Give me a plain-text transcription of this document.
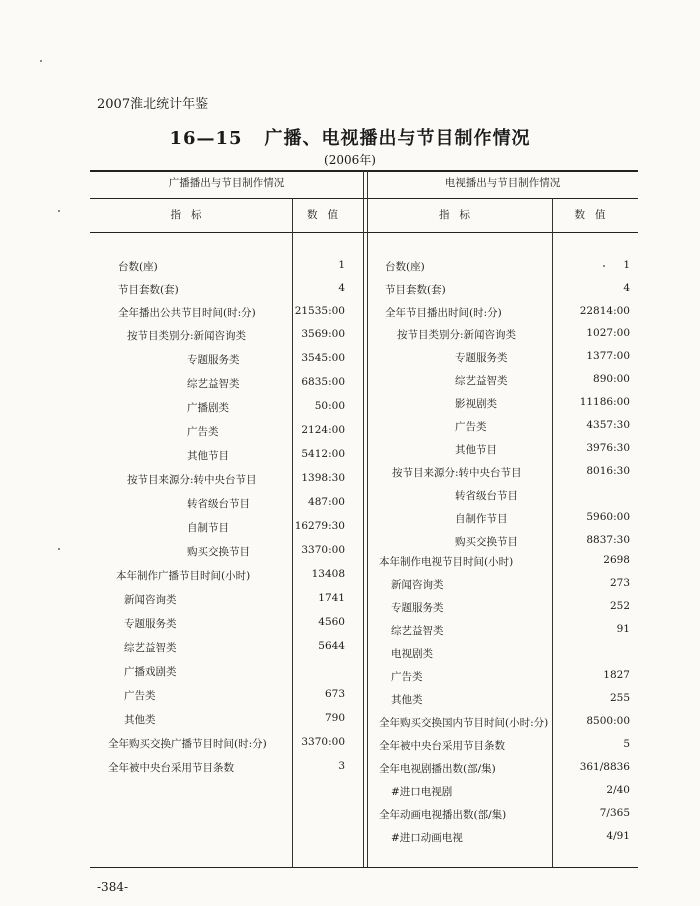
2007淮北统计年鉴
16—15 广播、电视播出与节目制作情况
(2006年)
广播播出与节目制作情况	电视播出与节目制作情况
指标	数值	指标	数值
台数(座)	1
节目套数(套)	4
全年播出公共节目时间(时:分)	21535:00
按节目类别分:新闻咨询类	3569:00
专题服务类	3545:00
综艺益智类	6835:00
广播剧类	50:00
广告类	2124:00
其他节目	5412:00
按节目来源分:转中央台节目	1398:30
转省级台节目	487:00
自制节目	16279:30
购买交换节目	3370:00
本年制作广播节目时间(小时)	13408
新闻咨询类	1741
专题服务类	4560
综艺益智类	5644
广播戏剧类
广告类	673
其他类	790
全年购买交换广播节目时间(时:分)	3370:00
全年被中央台采用节目条数	3
台数(座)	1
节目套数(套)	4
全年节目播出时间(时:分)	22814:00
按节目类别分:新闻咨询类	1027:00
专题服务类	1377:00
综艺益智类	890:00
影视剧类	11186:00
广告类	4357:30
其他节目	3976:30
按节目来源分:转中央台节目	8016:30
转省级台节目
自制作节目	5960:00
购买交换节目	8837:30
本年制作电视节目时间(小时)	2698
新闻咨询类	273
专题服务类	252
综艺益智类	91
电视剧类
广告类	1827
其他类	255
全年购买交换国内节目时间(小时:分)	8500:00
全年被中央台采用节目条数	5
全年电视剧播出数(部/集)	361/8836
#进口电视剧	2/40
全年动画电视播出数(部/集)	7/365
#进口动画电视	4/91
-384-
